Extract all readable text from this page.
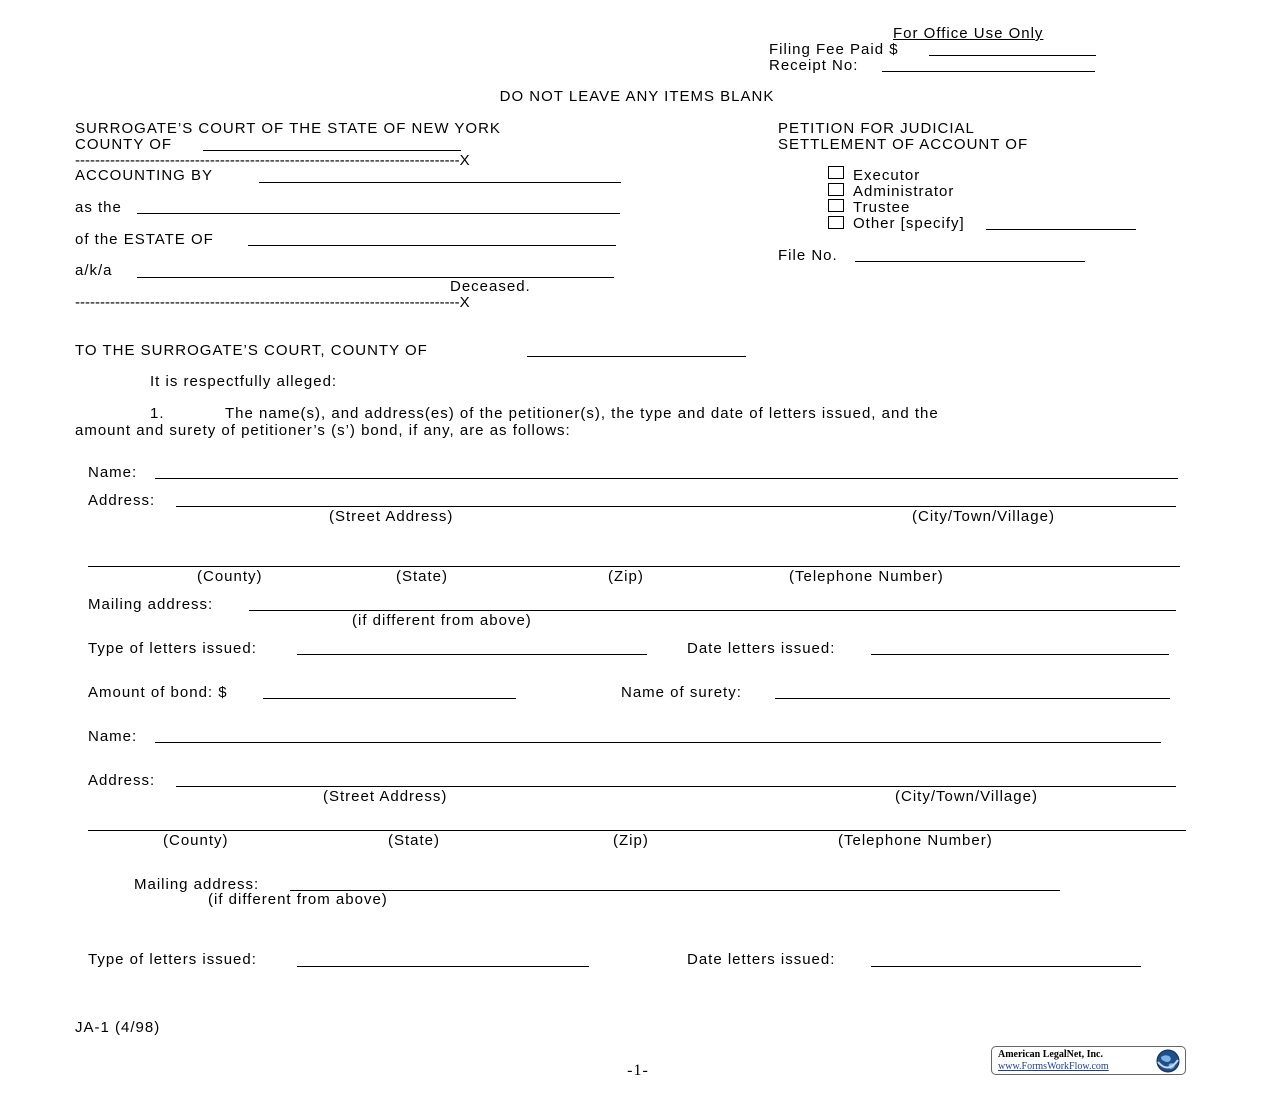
For Office Use Only
Filing Fee Paid $
Receipt No:
DO NOT LEAVE ANY ITEMS BLANK
SURROGATE’S COURT OF THE STATE OF NEW YORK
COUNTY OF
-----------------------------------------------------------------------------X
ACCOUNTING BY
as the
of the ESTATE OF
a/k/a
Deceased.
-----------------------------------------------------------------------------X
PETITION FOR JUDICIAL
SETTLEMENT OF ACCOUNT OF
Executor
Administrator
Trustee
Other [specify]
File No.
TO THE SURROGATE’S COURT, COUNTY OF
It is respectfully alleged:
1.	The name(s), and address(es) of the petitioner(s), the type and date of letters issued, and the
amount and surety of petitioner’s (s’) bond, if any, are as follows:
Name:
Address:
(Street Address)	(City/Town/Village)
(County)	(State)	(Zip)	(Telephone Number)
Mailing address:
(if different from above)
Type of letters issued:	Date letters issued:
Amount of bond: $	Name of surety:
Name:
Address:
(Street Address)	(City/Town/Village)
(County)	(State)	(Zip)	(Telephone Number)
Mailing address:
(if different from above)
Type of letters issued:	Date letters issued:
JA-1 (4/98)
-1-
American LegalNet, Inc.
www.FormsWorkFlow.com
